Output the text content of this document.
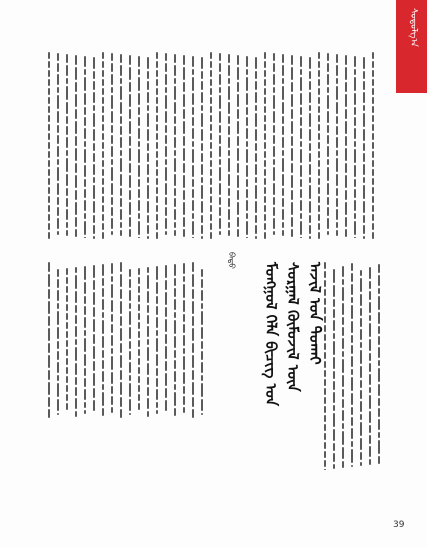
ᠰᠤᠳᠤᠯᠭ᠎ᠠ
ᠮᠣᠩᠭᠣᠯ ᠬᠡᠯᠡ ᠪᠢᠴᠢᠭ᠌ ᠤᠨ ᠰᠤᠷᠭᠠᠯ ᠬᠦᠮᠦᠵᠢᠯ ᠦᠨ ᠠᠵᠢᠯ ᠤᠨ ᠲᠤᠬᠠᠢ
ᠪᠠᠲᠤ
39
